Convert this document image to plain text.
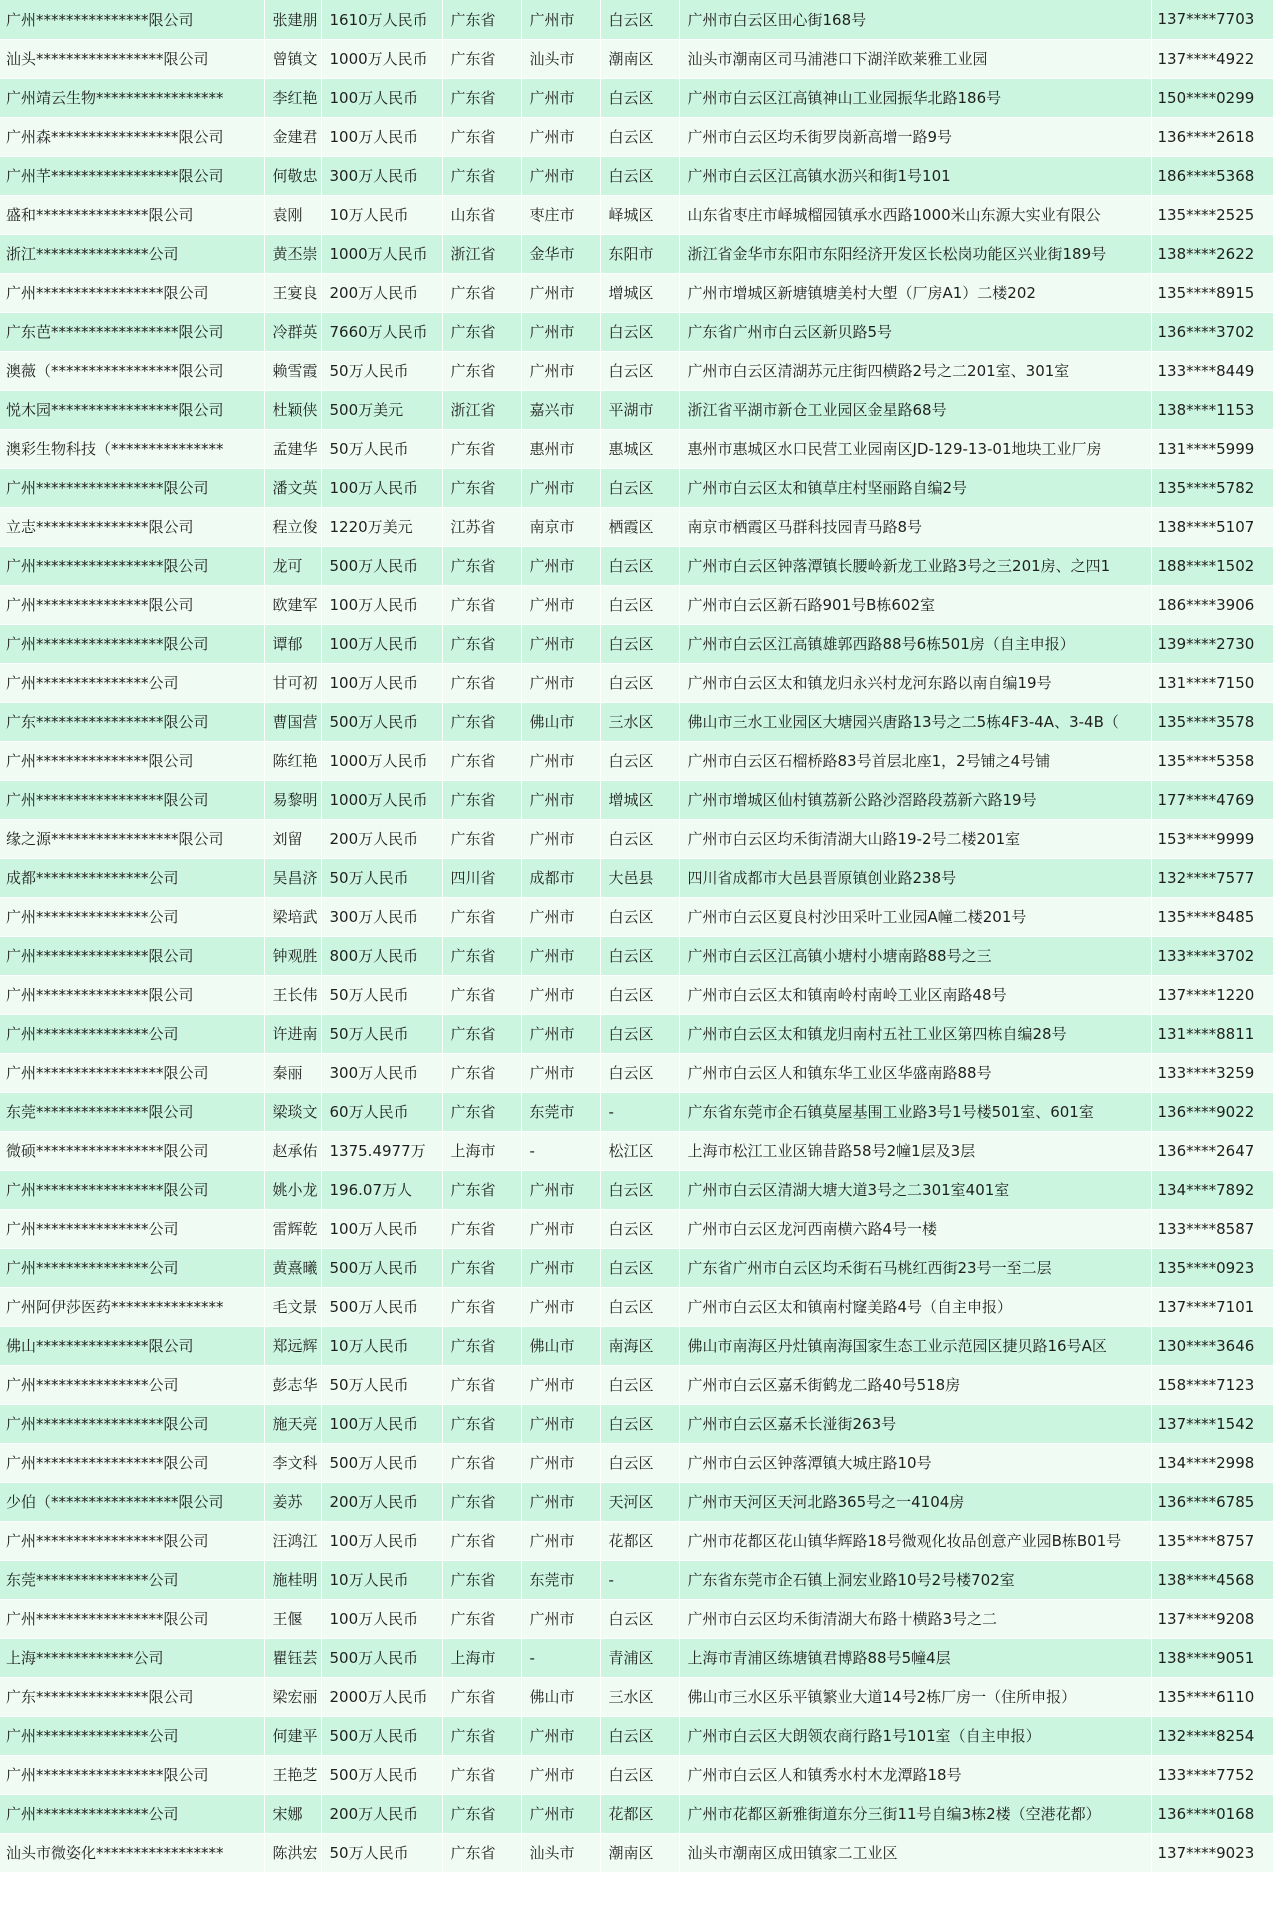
广州***************限公司	张建朋	1610万人民币	广东省	广州市	白云区	广州市白云区田心街168号	137****7703
汕头*****************限公司	曾镇文	1000万人民币	广东省	汕头市	潮南区	汕头市潮南区司马浦港口下湖洋欧莱雅工业园	137****4922
广州靖云生物*****************	李红艳	100万人民币	广东省	广州市	白云区	广州市白云区江高镇神山工业园振华北路186号	150****0299
广州森*****************限公司	金建君	100万人民币	广东省	广州市	白云区	广州市白云区均禾街罗岗新高增一路9号	136****2618
广州芊*****************限公司	何敬忠	300万人民币	广东省	广州市	白云区	广州市白云区江高镇水沥兴和街1号101	186****5368
盛和***************限公司	袁刚	10万人民币	山东省	枣庄市	峄城区	山东省枣庄市峄城榴园镇承水西路1000米山东源大实业有限公	135****2525
浙江***************公司	黄丕崇	1000万人民币	浙江省	金华市	东阳市	浙江省金华市东阳市东阳经济开发区长松岗功能区兴业街189号	138****2622
广州*****************限公司	王宴良	200万人民币	广东省	广州市	增城区	广州市增城区新塘镇塘美村大塱（厂房A1）二楼202	135****8915
广东芭*****************限公司	冷群英	7660万人民币	广东省	广州市	白云区	广东省广州市白云区新贝路5号	136****3702
澳薇（*****************限公司	赖雪霞	50万人民币	广东省	广州市	白云区	广州市白云区清湖苏元庄街四横路2号之二201室、301室	133****8449
悦木园*****************限公司	杜颖侠	500万美元	浙江省	嘉兴市	平湖市	浙江省平湖市新仓工业园区金星路68号	138****1153
澳彩生物科技（***************	孟建华	50万人民币	广东省	惠州市	惠城区	惠州市惠城区水口民营工业园南区JD-129-13-01地块工业厂房	131****5999
广州*****************限公司	潘文英	100万人民币	广东省	广州市	白云区	广州市白云区太和镇草庄村坚丽路自编2号	135****5782
立志***************限公司	程立俊	1220万美元	江苏省	南京市	栖霞区	南京市栖霞区马群科技园青马路8号	138****5107
广州*****************限公司	龙可	500万人民币	广东省	广州市	白云区	广州市白云区钟落潭镇长腰岭新龙工业路3号之三201房、之四1	188****1502
广州***************限公司	欧建军	100万人民币	广东省	广州市	白云区	广州市白云区新石路901号B栋602室	186****3906
广州*****************限公司	谭郁	100万人民币	广东省	广州市	白云区	广州市白云区江高镇雄郭西路88号6栋501房（自主申报）	139****2730
广州***************公司	甘可初	100万人民币	广东省	广州市	白云区	广州市白云区太和镇龙归永兴村龙河东路以南自编19号	131****7150
广东*****************限公司	曹国营	500万人民币	广东省	佛山市	三水区	佛山市三水工业园区大塘园兴唐路13号之二5栋4F3-4A、3-4B（	135****3578
广州***************限公司	陈红艳	1000万人民币	广东省	广州市	白云区	广州市白云区石榴桥路83号首层北座1，2号铺之4号铺	135****5358
广州*****************限公司	易黎明	1000万人民币	广东省	广州市	增城区	广州市增城区仙村镇荔新公路沙滘路段荔新六路19号	177****4769
缘之源*****************限公司	刘留	200万人民币	广东省	广州市	白云区	广州市白云区均禾街清湖大山路19-2号二楼201室	153****9999
成都***************公司	吴昌济	50万人民币	四川省	成都市	大邑县	四川省成都市大邑县晋原镇创业路238号	132****7577
广州***************公司	梁培武	300万人民币	广东省	广州市	白云区	广州市白云区夏良村沙田采叶工业园A幢二楼201号	135****8485
广州***************限公司	钟观胜	800万人民币	广东省	广州市	白云区	广州市白云区江高镇小塘村小塘南路88号之三	133****3702
广州***************限公司	王长伟	50万人民币	广东省	广州市	白云区	广州市白云区太和镇南岭村南岭工业区南路48号	137****1220
广州***************公司	许进南	50万人民币	广东省	广州市	白云区	广州市白云区太和镇龙归南村五社工业区第四栋自编28号	131****8811
广州*****************限公司	秦丽	300万人民币	广东省	广州市	白云区	广州市白云区人和镇东华工业区华盛南路88号	133****3259
东莞***************限公司	梁琰文	60万人民币	广东省	东莞市	-	广东省东莞市企石镇莫屋基围工业路3号1号楼501室、601室	136****9022
微硕*****************限公司	赵承佑	1375.4977万	上海市	-	松江区	上海市松江工业区锦昔路58号2幢1层及3层	136****2647
广州*****************限公司	姚小龙	196.07万人	广东省	广州市	白云区	广州市白云区清湖大塘大道3号之二301室401室	134****7892
广州***************公司	雷辉乾	100万人民币	广东省	广州市	白云区	广州市白云区龙河西南横六路4号一楼	133****8587
广州***************公司	黄熹曦	500万人民币	广东省	广州市	白云区	广东省广州市白云区均禾街石马桃红西街23号一至二层	135****0923
广州阿伊莎医药***************	毛文景	500万人民币	广东省	广州市	白云区	广州市白云区太和镇南村窿美路4号（自主申报）	137****7101
佛山***************限公司	郑远辉	10万人民币	广东省	佛山市	南海区	佛山市南海区丹灶镇南海国家生态工业示范园区捷贝路16号A区	130****3646
广州***************公司	彭志华	50万人民币	广东省	广州市	白云区	广州市白云区嘉禾街鹤龙二路40号518房	158****7123
广州*****************限公司	施天亮	100万人民币	广东省	广州市	白云区	广州市白云区嘉禾长湴街263号	137****1542
广州*****************限公司	李文科	500万人民币	广东省	广州市	白云区	广州市白云区钟落潭镇大城庄路10号	134****2998
少伯（*****************限公司	姜苏	200万人民币	广东省	广州市	天河区	广州市天河区天河北路365号之一4104房	136****6785
广州*****************限公司	汪鸿江	100万人民币	广东省	广州市	花都区	广州市花都区花山镇华辉路18号微观化妆品创意产业园B栋B01号	135****8757
东莞***************公司	施桂明	10万人民币	广东省	东莞市	-	广东省东莞市企石镇上洞宏业路10号2号楼702室	138****4568
广州*****************限公司	王偃	100万人民币	广东省	广州市	白云区	广州市白云区均禾街清湖大布路十横路3号之二	137****9208
上海*************公司	瞿钰芸	500万人民币	上海市	-	青浦区	上海市青浦区练塘镇君博路88号5幢4层	138****9051
广东***************限公司	梁宏丽	2000万人民币	广东省	佛山市	三水区	佛山市三水区乐平镇繁业大道14号2栋厂房一（住所申报）	135****6110
广州***************公司	何建平	500万人民币	广东省	广州市	白云区	广州市白云区大朗领农商行路1号101室（自主申报）	132****8254
广州*****************限公司	王艳芝	500万人民币	广东省	广州市	白云区	广州市白云区人和镇秀水村木龙潭路18号	133****7752
广州***************公司	宋娜	200万人民币	广东省	广州市	花都区	广州市花都区新雅街道东分三街11号自编3栋2楼（空港花都）	136****0168
汕头市微姿化*****************	陈洪宏	50万人民币	广东省	汕头市	潮南区	汕头市潮南区成田镇家二工业区	137****9023
